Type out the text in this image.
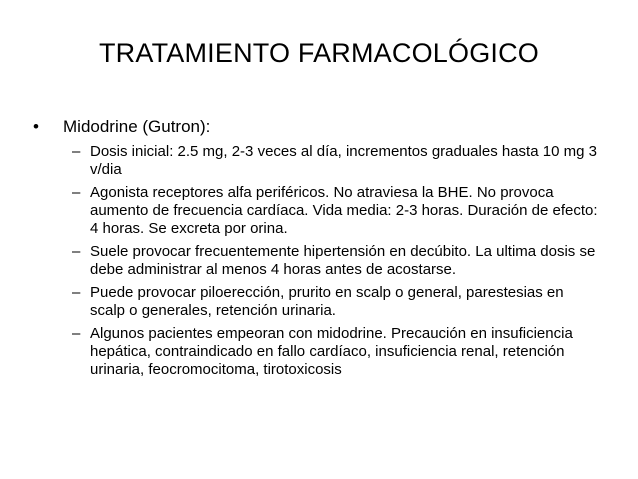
TRATAMIENTO FARMACOLÓGICO
• Midodrine (Gutron):
– Dosis inicial: 2.5 mg, 2-3 veces al día, incrementos graduales hasta 10 mg 3 v/dia
– Agonista receptores alfa periféricos. No atraviesa la BHE. No provoca aumento de frecuencia cardíaca. Vida media: 2-3 horas. Duración de efecto: 4 horas. Se excreta por orina.
– Suele provocar frecuentemente hipertensión en decúbito. La ultima dosis se debe administrar al menos 4 horas antes de acostarse.
– Puede provocar piloerección, prurito en scalp o general, parestesias en scalp o generales, retención urinaria.
– Algunos pacientes empeoran con midodrine. Precaución en insuficiencia hepática, contraindicado en fallo cardíaco, insuficiencia renal, retención urinaria, feocromocitoma, tirotoxicosis
